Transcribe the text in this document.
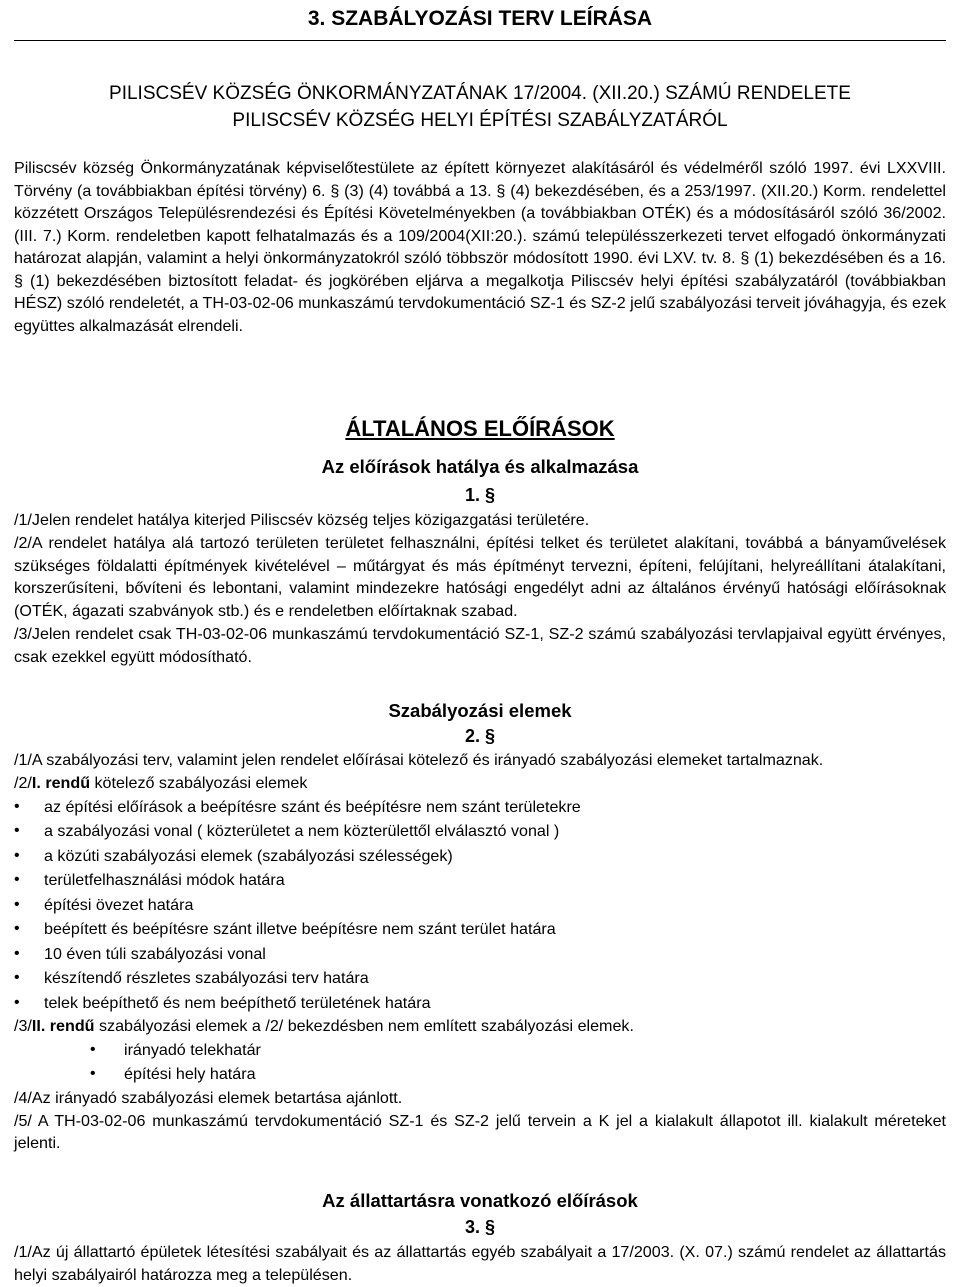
3. SZABÁLYOZÁSI TERV LEÍRÁSA
PILISCSÉV KÖZSÉG ÖNKORMÁNYZATÁNAK 17/2004. (XII.20.) SZÁMÚ RENDELETE
PILISCSÉV KÖZSÉG HELYI ÉPÍTÉSI SZABÁLYZATÁRÓL

Piliscsév község Önkormányzatának képviselőtestülete az épített környezet alakításáról és védelméről szóló 1997. évi LXXVIII. Törvény (a továbbiakban építési törvény) 6. § (3) (4) továbbá a 13. § (4) bekezdésében, és a 253/1997. (XII.20.) Korm. rendelettel közzétett Országos Településrendezési és Építési Követelményekben (a továbbiakban OTÉK) és a módosításáról szóló 36/2002. (III. 7.) Korm. rendeletben kapott felhatalmazás és a 109/2004(XII:20.). számú településszerkezeti tervet elfogadó önkormányzati határozat alapján, valamint a helyi önkormányzatokról szóló többször módosított 1990. évi LXV. tv. 8. § (1) bekezdésében és a 16. § (1) bekezdésében biztosított feladat- és jogkörében eljárva a megalkotja Piliscsév helyi építési szabályzatáról (továbbiakban HÉSZ) szóló rendeletét, a TH-03-02-06 munkaszámú tervdokumentáció SZ-1 és SZ-2 jelű szabályozási terveit jóváhagyja, és ezek együttes alkalmazását elrendeli.

ÁLTALÁNOS ELŐÍRÁSOK
Az előírások hatálya és alkalmazása
1. §

/1/Jelen rendelet hatálya kiterjed Piliscsév község teljes közigazgatási területére.

/2/A rendelet hatálya alá tartozó területen területet felhasználni, építési telket és területet alakítani, továbbá a bányaművelések szükséges földalatti építmények kivételével – műtárgyat és más építményt tervezni, építeni, felújítani, helyreállítani átalakítani, korszerűsíteni, bővíteni és lebontani, valamint mindezekre hatósági engedélyt adni az általános érvényű hatósági előírásoknak (OTÉK, ágazati szabványok stb.) és e rendeletben előírtaknak szabad.

/3/Jelen rendelet csak TH-03-02-06 munkaszámú tervdokumentáció SZ-1, SZ-2 számú szabályozási tervlapjaival együtt érvényes, csak ezekkel együtt módosítható.

Szabályozási elemek
2. §

/1/A szabályozási terv, valamint jelen rendelet előírásai kötelező és irányadó szabályozási elemeket tartalmaznak.

/2/I. rendű kötelező szabályozási elemek

• az építési előírások a beépítésre szánt és beépítésre nem szánt területekre
• a szabályozási vonal ( közterületet a nem közterülettől elválasztó vonal )
• a közúti szabályozási elemek (szabályozási szélességek)
• területfelhasználási módok határa
• építési övezet határa
• beépített és beépítésre szánt illetve beépítésre nem szánt terület határa
• 10 éven túli szabályozási vonal
• készítendő részletes szabályozási terv határa
• telek beépíthető és nem beépíthető területének határa

/3/II. rendű szabályozási elemek a /2/ bekezdésben nem említett szabályozási elemek.

• irányadó telekhatár
• építési hely határa

/4/Az irányadó szabályozási elemek betartása ajánlott.

/5/ A TH-03-02-06 munkaszámú tervdokumentáció SZ-1 és SZ-2 jelű tervein a K jel a kialakult állapotot ill. kialakult méreteket jelenti.

Az állattartásra vonatkozó előírások
3. §

/1/Az új állattartó épületek létesítési szabályait és az állattartás egyéb szabályait a 17/2003. (X. 07.) számú rendelet az állattartás helyi szabályairól határozza meg a településen.
